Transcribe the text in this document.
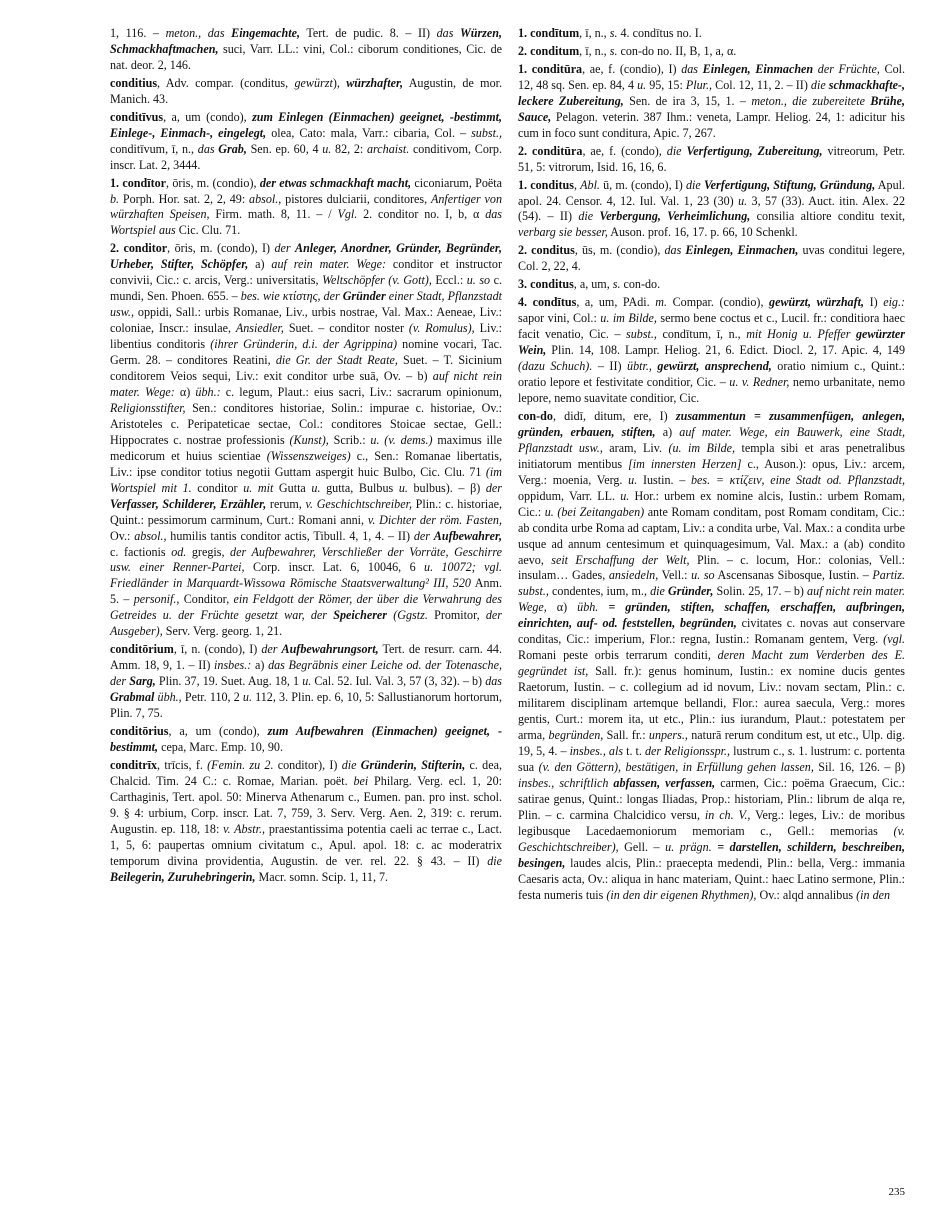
1, 116. – meton., das Eingemachte, Tert. de pudic. 8. – II) das Würzen, Schmackhaftmachen, suci, Varr. LL.: vini, Col.: ciborum conditiones, Cic. de nat. deor. 2, 146.

conditius, Adv. compar. (conditus, gewürzt), würzhafter, Augustin, de mor. Manich. 43.

conditīvus, a, um (condo), zum Einlegen (Einmachen) geeignet, -bestimmt, Einlege-, Einmach-, eingelegt, olea, Cato: mala, Varr.: cibaria, Col. – subst., conditīvum, ī, n., das Grab, Sen. ep. 60, 4 u. 82, 2: archaist. conditivom, Corp. inscr. Lat. 2, 3444.

1. condītor, ōris, m. (condio), der etwas schmackhaft macht, ciconiarum, Poëta b. Porph. Hor. sat. 2, 2, 49: absol., pistores dulciarii, conditores, Anfertiger von würzhaften Speisen, Firm. math. 8, 11. – / Vgl. 2. conditor no. I, b, α das Wortspiel aus Cic. Clu. 71.

2. conditor, ōris, m. (condo), I) der Anleger, Anordner, Gründer, Begründer, Urheber, Stifter, Schöpfer, a) auf rein mater. Wege: conditor et instructor convivii, Cic.: c. arcis, Verg.: universitatis, Weltschöpfer (v. Gott), Eccl.: u. so c. mundi, Sen. Phoen. 655. – bes. wie κτίστης, der Gründer einer Stadt, Pflanzstadt usw., oppidi, Sall.: urbis Romanae, Liv., urbis nostrae, Val. Max.: Aeneae, Liv.: coloniae, Inscr.: insulae, Ansiedler, Suet. – conditor noster (v. Romulus), Liv.: libentius conditoris (ihrer Gründerin, d.i. der Agrippina) nomine vocari, Tac. Germ. 28. – conditores Reatini, die Gr. der Stadt Reate, Suet. – T. Sicinium conditorem Veios sequi, Liv.: exit conditor urbe suā, Ov. – b) auf nicht rein mater. Wege: α) übh.: c. legum, Plaut.: eius sacri, Liv.: sacrarum opinionum, Religionsstifter, Sen.: conditores historiae, Solin.: impurae c. historiae, Ov.: Aristoteles c. Peripateticae sectae, Col.: conditores Stoicae sectae, Gell.: Hippocrates c. nostrae professionis (Kunst), Scrib.: u. (v. dems.) maximus ille medicorum et huius scientiae (Wissenszweiges) c., Sen.: Romanae libertatis, Liv.: ipse conditor totius negotii Guttam aspergit huic Bulbo, Cic. Clu. 71 (im Wortspiel mit 1. conditor u. mit Gutta u. gutta, Bulbus u. bulbus). – β) der Verfasser, Schilderer, Erzähler, rerum, v. Geschichtschreiber, Plin.: c. historiae, Quint.: pessimorum carminum, Curt.: Romani anni, v. Dichter der röm. Fasten, Ov.: absol., humilis tantis conditor actis, Tibull. 4, 1, 4. – II) der Aufbewahrer, c. factionis od. gregis, der Aufbewahrer, Verschließer der Vorräte, Geschirre usw. einer Renner-Partei, Corp. inscr. Lat. 6, 10046, 6 u. 10072; vgl. Friedländer in Marquardt-Wissowa Römische Staatsverwaltung² III, 520 Anm. 5. – personif., Conditor, ein Feldgott der Römer, der über die Verwahrung des Getreides u. der Früchte gesetzt war, der Speicherer (Ggstz. Promitor, der Ausgeber), Serv. Verg. georg. 1, 21.

conditōrium, ī, n. (condo), I) der Aufbewahrungsort, Tert. de resurr. carn. 44. Amm. 18, 9, 1. – II) insbes.: a) das Begräbnis einer Leiche od. der Totenasche, der Sarg, Plin. 37, 19. Suet. Aug. 18, 1 u. Cal. 52. Iul. Val. 3, 57 (3, 32). – b) das Grabmal übh., Petr. 110, 2 u. 112, 3. Plin. ep. 6, 10, 5: Sallustianorum hortorum, Plin. 7, 75.

conditōrius, a, um (condo), zum Aufbewahren (Einmachen) geeignet, -bestimmt, cepa, Marc. Emp. 10, 90.

conditrīx, trīcis, f. (Femin. zu 2. conditor), I) die Gründerin, Stifterin, c. dea, Chalcid. Tim. 24 C.: c. Romae, Marian. poët. bei Philarg. Verg. ecl. 1, 20: Carthaginis, Tert. apol. 50: Minerva Athenarum c., Eumen. pan. pro inst. schol. 9. § 4: urbium, Corp. inscr. Lat. 7, 759, 3. Serv. Verg. Aen. 2, 319: c. rerum. Augustin. ep. 118, 18: v. Abstr., praestantissima potentia caeli ac terrae c., Lact. 1, 5, 6: paupertas omnium civitatum c., Apul. apol. 18: c. ac moderatrix temporum divina providentia, Augustin. de ver. rel. 22. § 43. – II) die Beilegerin, Zuruhebringerin, Macr. somn. Scip. 1, 11, 7.

1. condītum, ī, n., s. 4. condītus no. I.

2. conditum, ī, n., s. con-do no. II, B, 1, a, α.

1. conditūra, ae, f. (condio), I) das Einlegen, Einmachen der Früchte, Col. 12, 48 sq. Sen. ep. 84, 4 u. 95, 15: Plur., Col. 12, 11, 2. – II) die schmackhafte-, leckere Zubereitung, Sen. de ira 3, 15, 1. – meton., die zubereitete Brühe, Sauce, Pelagon. veterin. 387 Ihm.: veneta, Lampr. Heliog. 24, 1: adicitur his cum in foco sunt conditura, Apic. 7, 267.

2. conditūra, ae, f. (condo), die Verfertigung, Zubereitung, vitreorum, Petr. 51, 5: vitrorum, Isid. 16, 16, 6.

1. conditus, Abl. ū, m. (condo), I) die Verfertigung, Stiftung, Gründung, Apul. apol. 24. Censor. 4, 12. Iul. Val. 1, 23 (30) u. 3, 57 (33). Auct. itin. Alex. 22 (54). – II) die Verbergung, Verheimlichung, consilia altiore conditu texit, verbarg sie besser, Auson. prof. 16, 17. p. 66, 10 Schenkl.

2. conditus, ūs, m. (condio), das Einlegen, Einmachen, uvas conditui legere, Col. 2, 22, 4.

3. conditus, a, um, s. con-do.

4. condītus, a, um, PAdi. m. Compar. (condio), gewürzt, würzhaft, I) eig.: sapor vini, Col.: u. im Bilde, sermo bene coctus et c., Lucil. fr.: conditiora haec facit venatio, Cic. – subst., condītum, ī, n., mit Honig u. Pfeffer gewürzter Wein, Plin. 14, 108. Lampr. Heliog. 21, 6. Edict. Diocl. 2, 17. Apic. 4, 149 (dazu Schuch). – II) übtr., gewürzt, ansprechend, oratio nimium c., Quint.: oratio lepore et festivitate conditior, Cic. – u. v. Redner, nemo urbanitate, nemo lepore, nemo suavitate conditior, Cic.

con-do, didī, ditum, ere, I) zusammentun = zusammenfügen, anlegen, gründen, erbauen, stiften, a) auf mater. Wege, ein Bauwerk, eine Stadt, Pflanzstadt usw., aram, Liv. (u. im Bilde, templa sibi et aras penetralibus initiatorum mentibus [im innersten Herzen] c., Auson.): opus, Liv.: arcem, Verg.: moenia, Verg. u. Iustin. – bes. = κτίζειν, eine Stadt od. Pflanzstadt, oppidum, Varr. LL. u. Hor.: urbem ex nomine alcis, Iustin.: urbem Romam, Cic.: u. (bei Zeitangaben) ante Romam conditam, post Romam conditam, Cic.: ab condita urbe Roma ad captam, Liv.: a condita urbe, Val. Max.: a condita urbe usque ad annum centesimum et quinquagesimum, Val. Max.: a (ab) condito aevo, seit Erschaffung der Welt, Plin. – c. locum, Hor.: colonias, Vell.: insulam… Gades, ansiedeln, Vell.: u. so Ascensanas Sibosque, Iustin. – Partiz. subst., condentes, ium, m., die Gründer, Solin. 25, 17. – b) auf nicht rein mater. Wege, α) übh. = gründen, stiften, schaffen, erschaffen, aufbringen, einrichten, auf- od. feststellen, begründen, civitates c. novas aut conservare conditas, Cic.: imperium, Flor.: regna, Iustin.: Romanam gentem, Verg. (vgl. Romani peste orbis terrarum conditi, deren Macht zum Verderben des E. gegründet ist, Sall. fr.): genus hominum, Iustin.: ex nomine ducis gentes Raetorum, Iustin. – c. collegium ad id novum, Liv.: novam sectam, Plin.: c. militarem disciplinam artemque bellandi, Flor.: aurea saecula, Verg.: mores gentis, Curt.: morem ita, ut etc., Plin.: ius iurandum, Plaut.: potestatem per arma, begründen, Sall. fr.: unpers., naturā rerum conditum est, ut etc., Ulp. dig. 19, 5, 4. – insbes., als t. t. der Religionsspr., lustrum c., s. 1. lustrum: c. portenta sua (v. den Göttern), bestätigen, in Erfüllung gehen lassen, Sil. 16, 126. – β) insbes., schriftlich abfassen, verfassen, carmen, Cic.: poëma Graecum, Cic.: satirae genus, Quint.: longas Iliadas, Prop.: historiam, Plin.: librum de alqa re, Plin. – c. carmina Chalcidico versu, in ch. V., Verg.: leges, Liv.: de moribus legibusque Lacedaemoniorum memoriam c., Gell.: memorias (v. Geschichtschreiber), Gell. – u. prägn. = darstellen, schildern, beschreiben, besingen, laudes alcis, Plin.: praecepta medendi, Plin.: bella, Verg.: immania Caesaris acta, Ov.: aliqua in hanc materiam, Quint.: haec Latino sermone, Plin.: festa numeris tuis (in den dir eigenen Rhythmen), Ov.: alqd annalibus (in den

235
